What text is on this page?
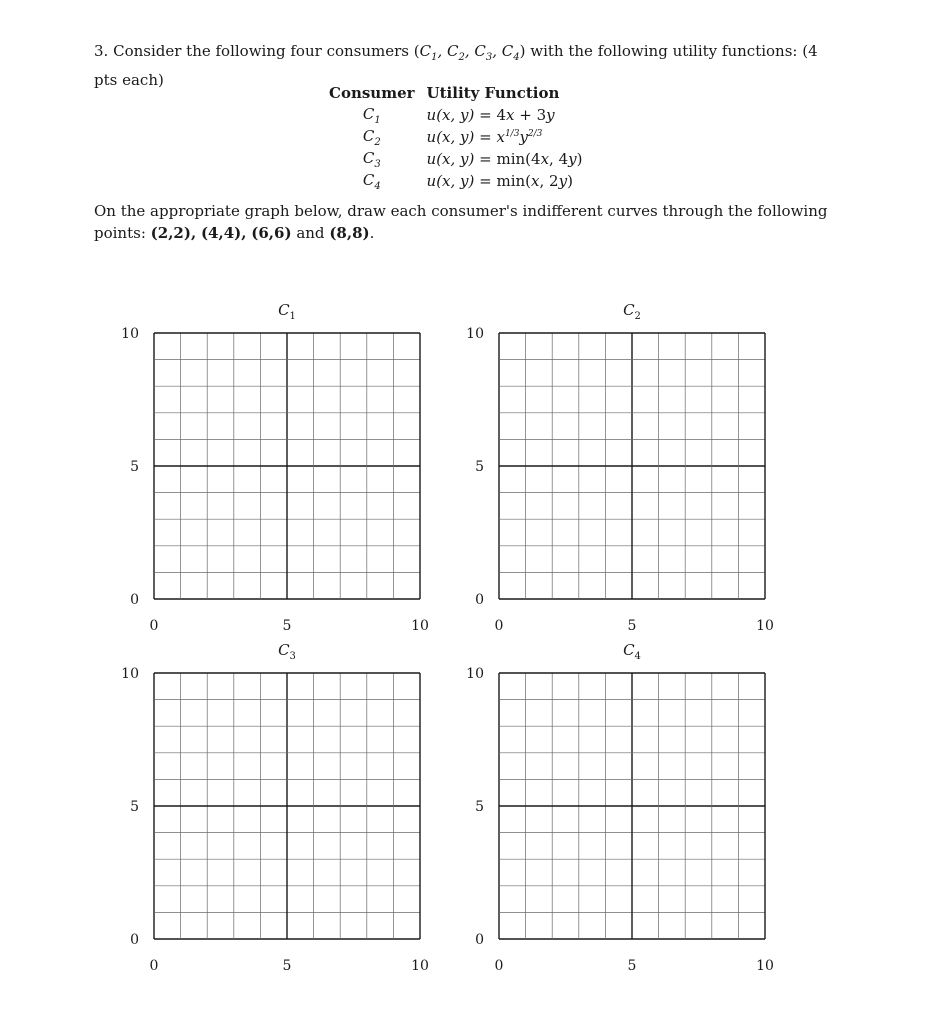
3. Consider the following four consumers ($C_1$, $C_2$, $C_3$, $C_4$) with the following utility functions: (4 pts each)

Consumer	Utility Function
$C_1$	u(x, y) = 4x + 3y
$C_2$	u(x, $y) = x^{1/3}y^{2/3}$
$C_3$	u(x, y) = min(4x, 4y)
$C_4$	u(x, y) = min(x, 2y)
On the appropriate graph below, draw each consumer's indifferent curves through the following points: (2,2), (4,4), (6,6) and (8,8).
$C_1$
0	5	10
0
5
10
$C_2$
0	5	10
0
5
10
$C_3$
0	5	10
0
5
10
$C_4$
0	5	10
0
5
10
